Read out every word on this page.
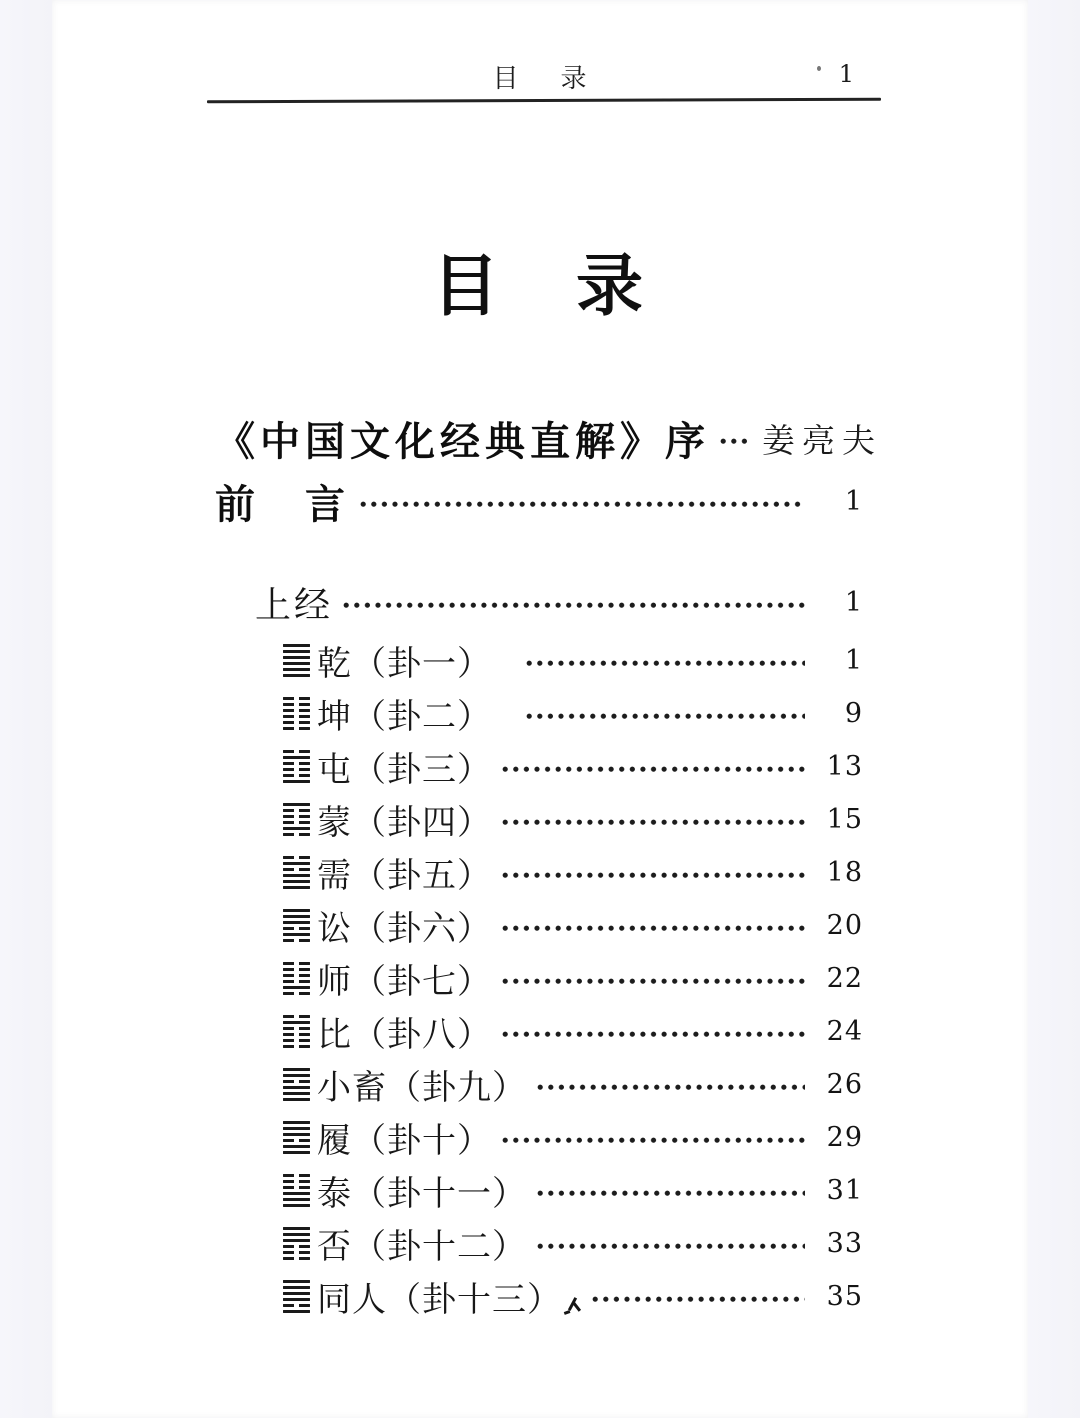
目　录	1
目　录
《中国文化经典直解》序 姜亮夫
前　言	1
上经	1
乾（卦一）	1
坤（卦二）	9
屯（卦三）	13
蒙（卦四）	15
需（卦五）	18
讼（卦六）	20
师（卦七）	22
比（卦八）	24
小畜（卦九）	26
履（卦十）	29
泰（卦十一）	31
否（卦十二）	33
同人（卦十三）	35
